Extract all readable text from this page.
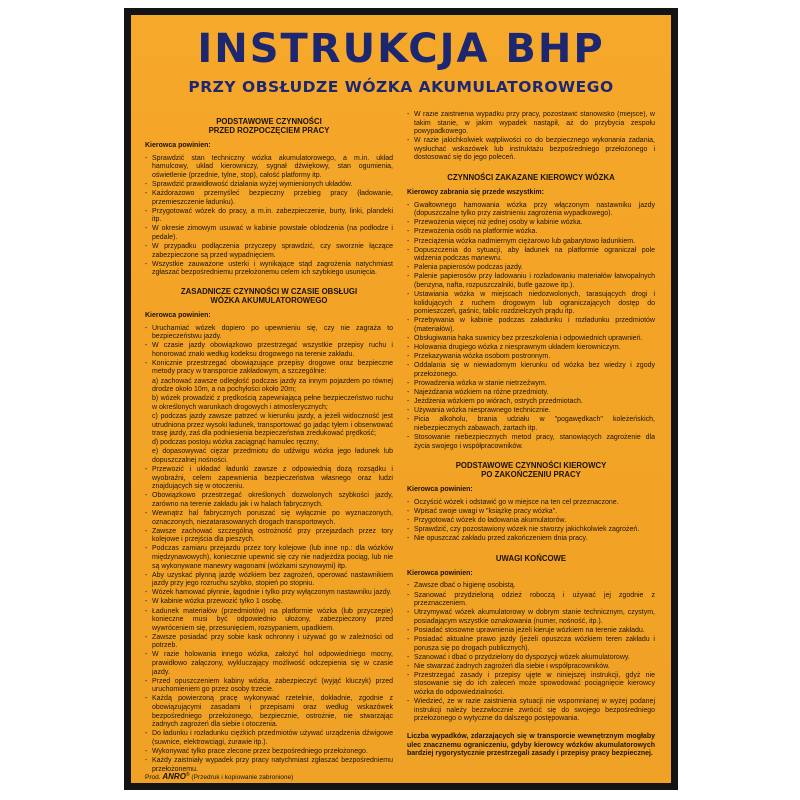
INSTRUKCJA BHP
PRZY OBSŁUDZE WÓZKA AKUMULATOROWEGO
PODSTAWOWE CZYNNOŚCI
PRZED ROZPOCZĘCIEM PRACY
Kierowca powinien:
- Sprawdzić stan techniczny wózka akumulatorowego, a m.in. układ hamulcowy, układ kierowniczy, sygnał dźwiękowy, stan ogumienia, oświetlenie (przednie, tylne, stop), całość platformy itp.
- Sprawdzić prawidłowość działania wyżej wymienionych układów.
- Każdorazowo przemyśleć bezpieczny przebieg pracy (ładowanie, przemieszczenie ładunku).
- Przygotować wózek do pracy, a m.in. zabezpieczenie, burty, linki, plandeki itp.
- W okresie zimowym usuwać w kabinie powstałe oblodzenia (na podłodze i pedale).
- W przypadku podłączenia przyczepy sprawdzić, czy sworznie łączące zabezpieczone są przed wypadnięciem.
- Wszystkie zauważone usterki i wynikające stąd zagrożenia natychmiast zgłaszać bezpośredniemu przełożonemu celem ich szybkiego usunięcia.
ZASADNICZE CZYNNOŚCI W CZASIE OBSŁUGI
WÓZKA AKUMULATOROWEGO
Kierowca powinien:
- Uruchamiać wózek dopiero po upewnieniu się, czy nie zagraża to bezpieczeństwu jazdy.
- W czasie jazdy obowiązkowo przestrzegać wszystkie przepisy ruchu i honorować znaki według kodeksu drogowego na terenie zakładu.
- Konicznie przestrzegać obowiązujące przepisy drogowe oraz bezpieczne metody pracy w transporcie zakładowym, a szczególnie:
a) zachować zawsze odległość podczas jazdy za innym pojazdem po równej drodze około 10m, a na pochyłości około 20m;
b) wózek prowadzić z prędkością zapewniającą pełne bezpieczeństwo ruchu w określonych warunkach drogowych i atmosferycznych;
c) podczas jazdy zawsze patrzeć w kierunku jazdy, a jeżeli widoczność jest utrudniona przez wysoki ładunek, transportować go jadąc tyłem i obserwować trasę jazdy, zaś dla podniesienia bezpieczeństwa zredukować prędkość;
d) podczas postoju wózka zaciągnąć hamulec ręczny;
e) dopasowywać ciężar przedmiotu do udźwigu wózka jego ładunek lub dopuszczalnej nośności.
- Przewozić i układać ładunki zawsze z odpowiednią dozą rozsądku i wyobraźni, celem zapewnienia bezpieczeństwa własnego oraz ludzi znajdujących się w otoczeniu.
- Obowiązkowo przestrzegać określonych dozwolonych szybkości jazdy, zarówno na terenie zakładu jak i w halach fabrycznych.
- Wewnątrz hal fabrycznych poruszać się wyłącznie po wyznaczonych, oznaczonych, niezatarasowanych drogach transportowych.
- Zawsze zachować szczególną ostrożność przy przejazdach przez tory kolejowe i przejścia dla pieszych.
- Podczas zamiaru przejazdu przez tory kolejowe (lub inne np.: dla wózków międzynawowych), koniecznie upewnić się czy nie nadjeżdża pociąg, lub nie są wykonywane manewry wagonami (wózkami szynowymi) itp.
- Aby uzyskać płynną jazdę wózkiem bez zagrożeń, operować nastawnikiem jazdy przy jego rozruchu szybko, stopień po stopniu.
- Wózek hamować płynnie, łagodnie i tylko przy wyłączonym nastawniku jazdy.
- W kabinie wózka przewozić tylko 1 osobę.
- Ładunek materiałów (przedmiotów) na platformie wózka (lub przyczepie) konieczne musi być odpowiednio ułożony, zabezpieczony przed wywróceniem się, przesunięciem, rozsypaniem, upadkiem.
- Zawsze posiadać przy sobie kask ochronny i używać go w zależności od potrzeb.
- W razie holowania innego wózka, założyć hol odpowiedniego mocny, prawidłowo załączony, wykluczający możliwość odczepienia się w czasie jazdy.
- Przed opuszczeniem kabiny wózka, zabezpieczyć (wyjąć kluczyk) przed uruchomieniem go przez osoby trzecie.
- Każdą powierzoną pracę wykonywać rzetelnie, dokładnie, zgodnie z obowiązującymi zasadami i przepisami oraz według wskazówek bezpośredniego przełożonego, bezpiecznie, ostrożnie, nie stwarzając żadnych zagrożeń dla siebie i otoczenia.
- Do ładunku i rozładunku ciężkich przedmiotów używać urządzenia dźwigowe (suwnice, elektrowciągi, żurawie itp.).
- Wykonywać tylko prace zlecone przez bezpośredniego przełożonego.
- Każdy zaistniały wypadek przy pracy natychmiast zgłaszać bezpośredniemu przełożonemu.
- W razie zaistnienia wypadku przy pracy, pozostawić stanowisko (miejsce), w takim stanie, w jakim wypadek nastąpił, aż do przybycia zespołu powypadkowego.
- W razie jakichkolwiek wątpliwości co do bezpiecznego wykonania zadania, wysłuchać wskazówek lub instruktażu bezpośredniego przełożonego i dostosować się do jego poleceń.
CZYNNOŚCI ZAKAZANE KIEROWCY WÓZKA
Kierowcy zabrania się przede wszystkim:
- Gwałtownego hamowania wózka przy włączonym nastawniku jazdy (dopuszczalne tylko przy zaistnieniu zagrożenia wypadkowego).
- Przewożenia więcej niż jednej osoby w kabinie wózka.
- Przewożenia osób na platformie wózka.
- Przeciążenia wózka nadmiernym ciężarowo lub gabarytowo ładunkiem.
- Dopuszczenia do sytuacji, aby ładunek na platformie ograniczał pole widzenia podczas manewru.
- Palenia papierosów podczas jazdy.
- Palenie papierosów przy ładowaniu i rozładowaniu materiałów łatwopalnych (benzyna, nafta, rozpuszczalniki, butle gazowe itp.).
- Ustawiania wózka w miejscach niedozwolonych, tarasujących drogi i kolidujących z ruchem drogowym lub ograniczających dostęp do pomieszczeń, gaśnic, tablic rozdzielczych prądu itp.
- Przebywania w kabinie podczas załadunku i rozładunku przedmiotów (materiałów).
- Obsługiwania haka suwnicy bez przeszkolenia i odpowiednich uprawnień.
- Holowania drugiego wózka z niesprawnym układem kierowniczym.
- Przekazywania wózka osobom postronnym.
- Oddalania się w niewiadomym kierunku od wózka bez wiedzy i zgody przełożonego.
- Prowadzenia wózka w stanie nietrzeźwym.
- Najeżdżania wózkiem na różne przedmioty.
- Jeżdżenia wózkiem po wiórach, ostrych przedmiotach.
- Używania wózka niesprawnego technicznie.
- Picia alkoholu, brania udziału w "pogawędkach" koleżeńskich, niebezpiecznych zabawach, żartach itp.
- Stosowanie niebezpiecznych metod pracy, stanowiących zagrożenie dla życia swojego i współpracowników.
PODSTAWOWE CZYNNOŚCI KIEROWCY
PO ZAKOŃCZENIU PRACY
Kierowca powinien:
- Oczyścić wózek i odstawić go w miejsce na ten cel przeznaczone.
- Wpisać swoje uwagi w "książkę pracy wózka".
- Przygotować wózek do ładowania akumulatorów.
- Sprawdzić, czy pozostawiony wózek nie stworzy jakichkolwiek zagrożeń.
- Nie opuszczać zakładu przed zakończeniem dnia pracy.
UWAGI KOŃCOWE
Kierowca powinien:
- Zawsze dbać o higienę osobistą.
- Szanować przydzieloną odzież roboczą i używać jej zgodnie z przeznaczeniem.
- Utrzymywać wózek akumulatorowy w dobrym stanie technicznym, czystym, posiadającym wszystkie oznakowania (numer, nośność, itp.).
- Posiadać stosowne uprawnienia jeżeli kieruje wózkiem na terenie zakładu.
- Posiadać aktualne prawo jazdy (jeżeli opuszcza wózkiem teren zakładu i porusza się po drogach publicznych).
- Szanować i dbać o przydzielony do dyspozycji wózek akumulatorowy.
- Nie stwarzać żadnych zagrożeń dla siebie i współpracowników.
- Przestrzegać zasady i przepisy ujęte w niniejszej instrukcji, gdyż nie stosowanie się do ich zaleceń może spowodować pociągnięcie kierowcy wózka do odpowiedzialności.
- Wiedzieć, że w razie zaistnienia sytuacji nie wspomnianej w wyżej podanej instrukcji należy bezzwłocznie zwrócić się do swojego bezpośredniego przełożonego o wytyczne do dalszego postępowania.
Liczba wypadków, zdarzających się w transporcie wewnętrznym mogłaby ulec znacznemu ograniczeniu, gdyby kierowcy wózków akumulatorowych bardziej rygorystycznie przestrzegali zasady i przepisy pracy bezpiecznej.
Prod. ANRO® (Przedruk i kopiowanie zabronione)
